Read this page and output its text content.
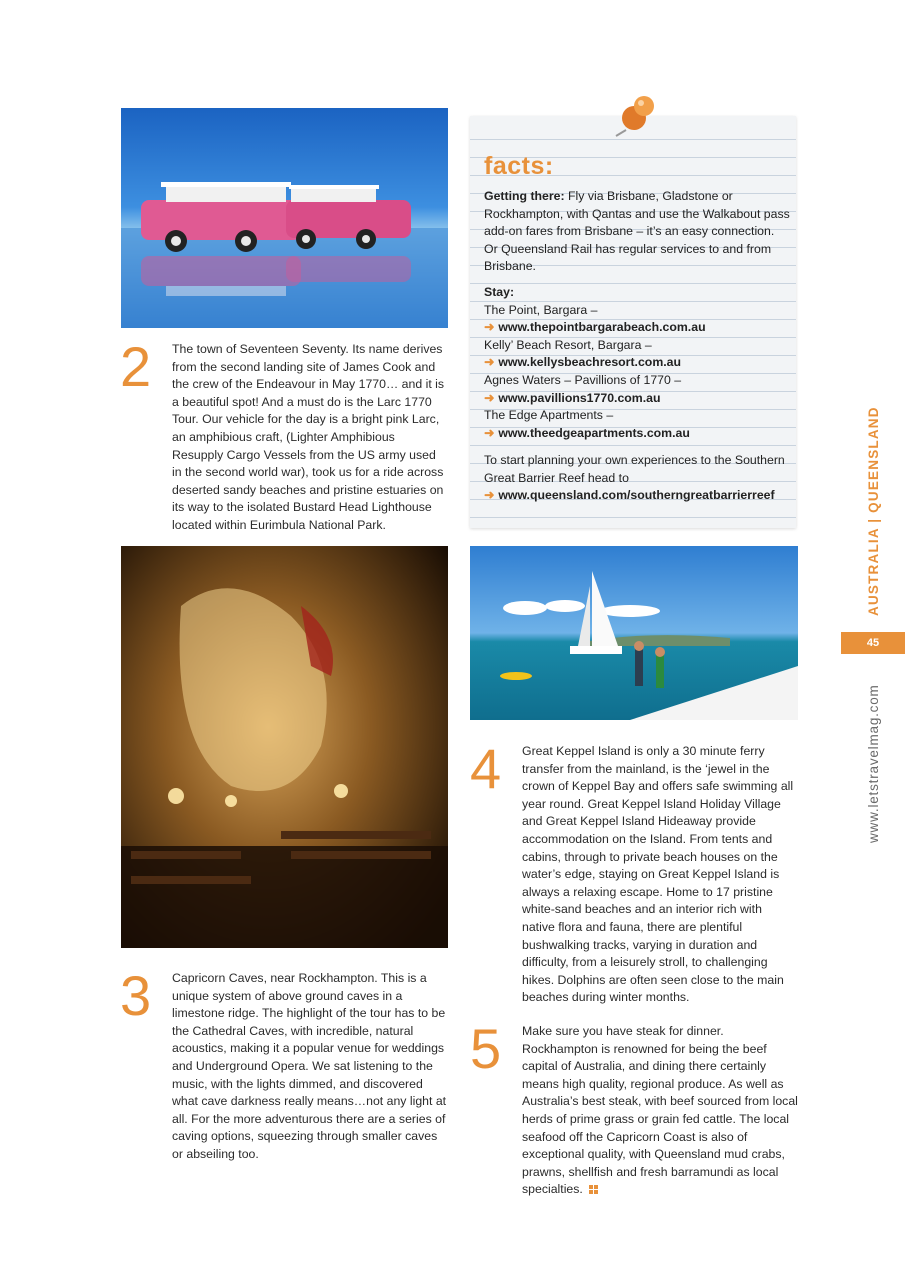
2 The town of Seventeen Seventy. Its name derives from the second landing site of James Cook and the crew of the Endeavour in May 1770… and it is a beautiful spot! And a must do is the Larc 1770 Tour. Our vehicle for the day is a bright pink Larc, an amphibious craft, (Lighter Amphibious Resupply Cargo Vessels from the US army used in the second world war), took us for a ride across deserted sandy beaches and pristine estuaries on its way to the isolated Bustard Head Lighthouse located within Eurimbula National Park.

facts:
Getting there: Fly via Brisbane, Gladstone or Rockhampton, with Qantas and use the Walkabout pass add-on fares from Brisbane – it’s an easy connection. Or Queensland Rail has regular services to and from Brisbane.
Stay:
The Point, Bargara –
➜ www.thepointbargarabeach.com.au
Kelly’ Beach Resort, Bargara –
➜ www.kellysbeachresort.com.au
Agnes Waters – Pavillions of 1770 –
➜ www.pavillions1770.com.au
The Edge Apartments –
➜ www.theedgeapartments.com.au
To start planning your own experiences to the Southern Great Barrier Reef head to
➜ www.queensland.com/southerngreatbarrierreef
3 Capricorn Caves, near Rockhampton. This is a unique system of above ground caves in a limestone ridge. The highlight of the tour has to be the Cathedral Caves, with incredible, natural acoustics, making it a popular venue for weddings and Underground Opera. We sat listening to the music, with the lights dimmed, and discovered what cave darkness really means…not any light at all. For the more adventurous there are a series of caving options, squeezing through smaller caves or abseiling too.

4 Great Keppel Island is only a 30 minute ferry transfer from the mainland, is the ‘jewel in the crown of Keppel Bay and offers safe swimming all year round. Great Keppel Island Holiday Village and Great Keppel Island Hideaway provide accommodation on the Island. From tents and cabins, through to private beach houses on the water’s edge, staying on Great Keppel Island is always a relaxing escape. Home to 17 pristine white-sand beaches and an interior rich with native flora and fauna, there are plentiful bushwalking tracks, varying in duration and difficulty, from a leisurely stroll, to challenging hikes. Dolphins are often seen close to the main beaches during winter months.

5 Make sure you have steak for dinner. Rockhampton is renowned for being the beef capital of Australia, and dining there certainly means high quality, regional produce. As well as Australia’s best steak, with beef sourced from local herds of prime grass or grain fed cattle. The local seafood off the Capricorn Coast is also of exceptional quality, with Queensland mud crabs, prawns, shellfish and fresh barramundi as local specialties.

AUSTRALIA | QUEENSLAND
45
www.letstravelmag.com
